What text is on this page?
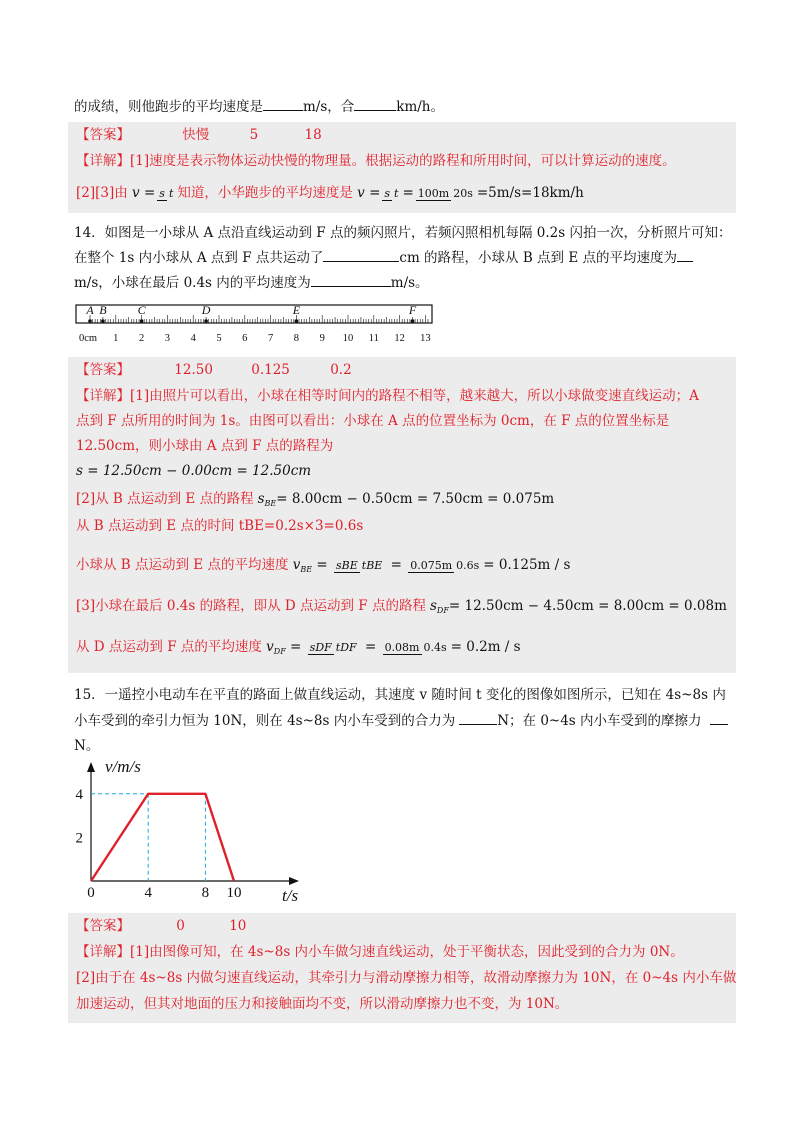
的成绩，则他跑步的平均速度是	m/s，合	km/h。
【答案】	快慢	5	18
【详解】[1]速度是表示物体运动快慢的物理量。根据运动的路程和所用时间，可以计算运动的速度。
[2][3]由 v = s t 知道，小华跑步的平均速度是 v = s t = 100m 20s =5m/s=18km/h
14．如图是一小球从 A 点沿直线运动到 F 点的频闪照片，若频闪照相机每隔 0.2s 闪拍一次，分析照片可知：
在整个 1s 内小球从 A 点到 F 点共运动了	cm 的路程，小球从 B 点到 E 点的平均速度为
m/s，小球在最后 0.4s 内的平均速度为	m/s。
A B	C	D	E	F
0cm 1 2 3 4 5 6 7 8 9 10 11 12 13
【答案】	12.50	0.125	0.2
【详解】[1]由照片可以看出，小球在相等时间内的路程不相等，越来越大，所以小球做变速直线运动；A
点到 F 点所用的时间为 1s。由图可以看出：小球在 A 点的位置坐标为 0cm，在 F 点的位置坐标是
12.50cm，则小球由 A 点到 F 点的路程为
s = 12.50cm − 0.00cm = 12.50cm
[2]从 B 点运动到 E 点的路程 sBE= 8.00cm − 0.50cm = 7.50cm = 0.075m
从 B 点运动到 E 点的时间 tBE=0.2s×3=0.6s
小球从 B 点运动到 E 点的平均速度 vBE = sBE tBE = 0.075m 0.6s = 0.125m / s
[3]小球在最后 0.4s 的路程，即从 D 点运动到 F 点的路程 sDF= 12.50cm − 4.50cm = 8.00cm = 0.08m
从 D 点运动到 F 点的平均速度 vDF = sDF tDF = 0.08m 0.4s = 0.2m / s
15．一遥控小电动车在平直的路面上做直线运动，其速度 v 随时间 t 变化的图像如图所示，已知在 4s~8s 内
小车受到的牵引力恒为 10N，则在 4s~8s 内小车受到的合力为	N；在 0~4s 内小车受到的摩擦力
N。
0	4	8 10
2
4
v/m/s
t/s
【答案】	0	10
【详解】[1]由图像可知，在 4s~8s 内小车做匀速直线运动，处于平衡状态，因此受到的合力为 0N。
[2]由于在 4s~8s 内做匀速直线运动，其牵引力与滑动摩擦力相等，故滑动摩擦力为 10N，在 0~4s 内小车做
加速运动，但其对地面的压力和接触面均不变，所以滑动摩擦力也不变，为 10N。
